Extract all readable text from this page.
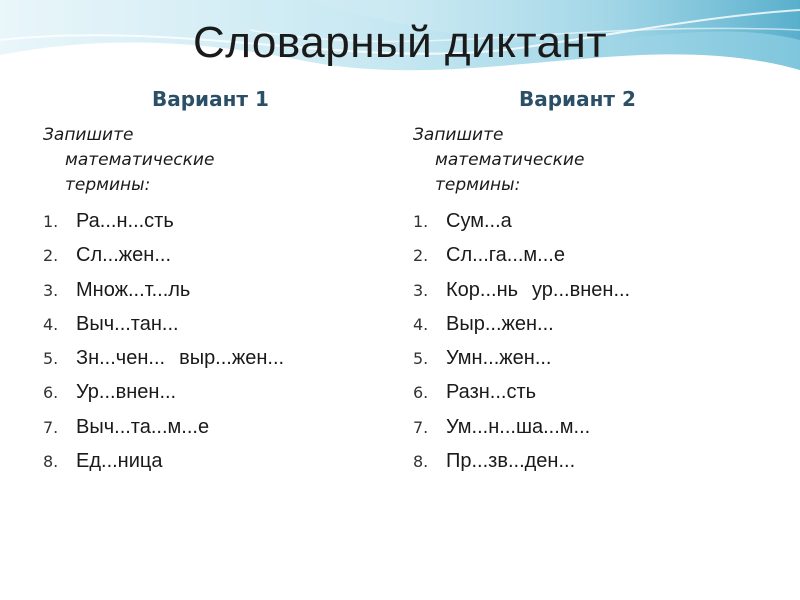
Словарный диктант
Вариант 1	Вариант 2
Запишите
математические
термины:
1. Ра...н...сть
2. Сл...жен...
3. Множ...т...ль
4. Выч...тан...
5. Зн...чен... выр...жен...
6. Ур...внен...
7. Выч...та...м...е
8. Ед...ница
Запишите
математические
термины:
1. Сум...а
2. Сл...га...м...е
3. Кор...нь ур...внен...
4. Выр...жен...
5. Умн...жен...
6. Разн...сть
7. Ум...н...ша...м...
8. Пр...зв...ден...
